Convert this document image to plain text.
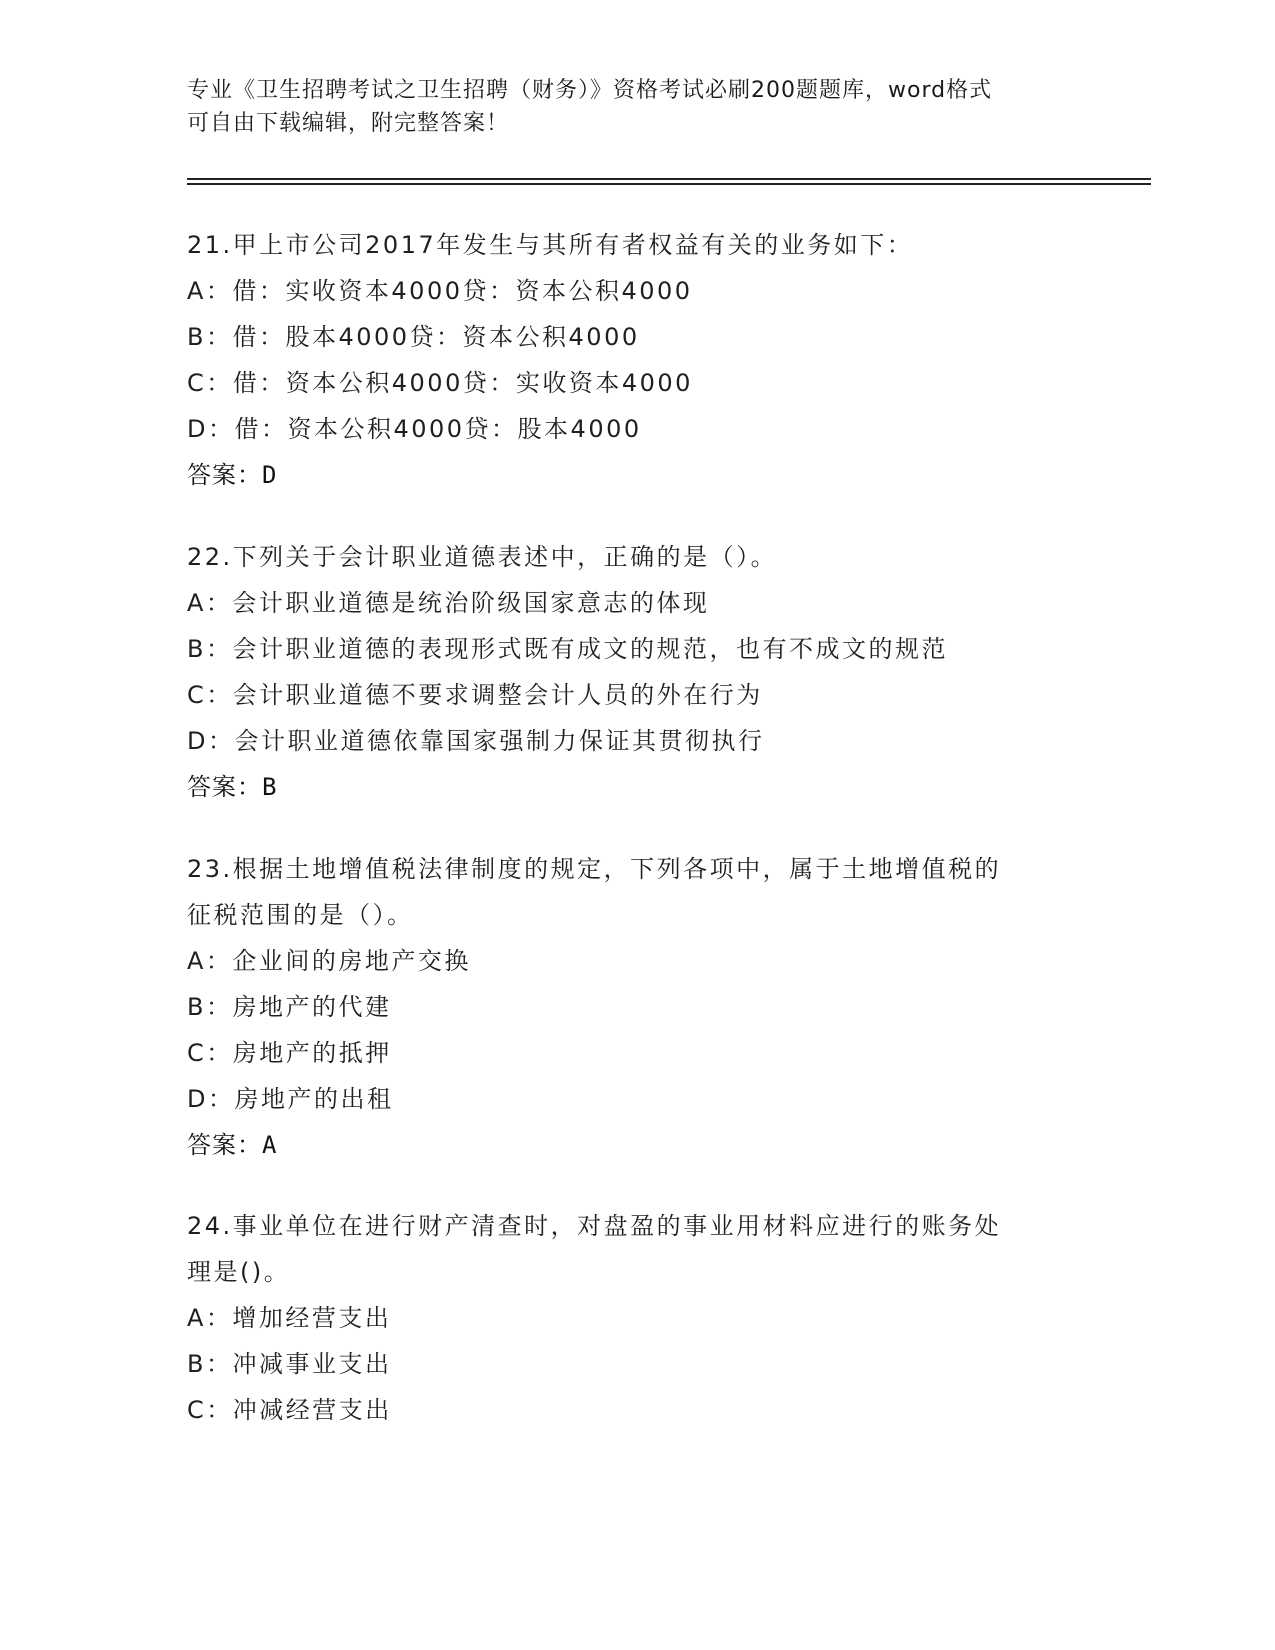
专业《卫生招聘考试之卫生招聘（财务）》资格考试必刷200题题库，word格式
可自由下载编辑，附完整答案！
21.甲上市公司2017年发生与其所有者权益有关的业务如下：
A：借：实收资本4000贷：资本公积4000
B：借：股本4000贷：资本公积4000
C：借：资本公积4000贷：实收资本4000
D：借：资本公积4000贷：股本4000
答案：D
22.下列关于会计职业道德表述中，正确的是（）。
A：会计职业道德是统治阶级国家意志的体现
B：会计职业道德的表现形式既有成文的规范，也有不成文的规范
C：会计职业道德不要求调整会计人员的外在行为
D：会计职业道德依靠国家强制力保证其贯彻执行
答案：B
23.根据土地增值税法律制度的规定，下列各项中，属于土地增值税的
征税范围的是（）。
A：企业间的房地产交换
B：房地产的代建
C：房地产的抵押
D：房地产的出租
答案：A
24.事业单位在进行财产清查时，对盘盈的事业用材料应进行的账务处
理是()。
A：增加经营支出
B：冲减事业支出
C：冲减经营支出
